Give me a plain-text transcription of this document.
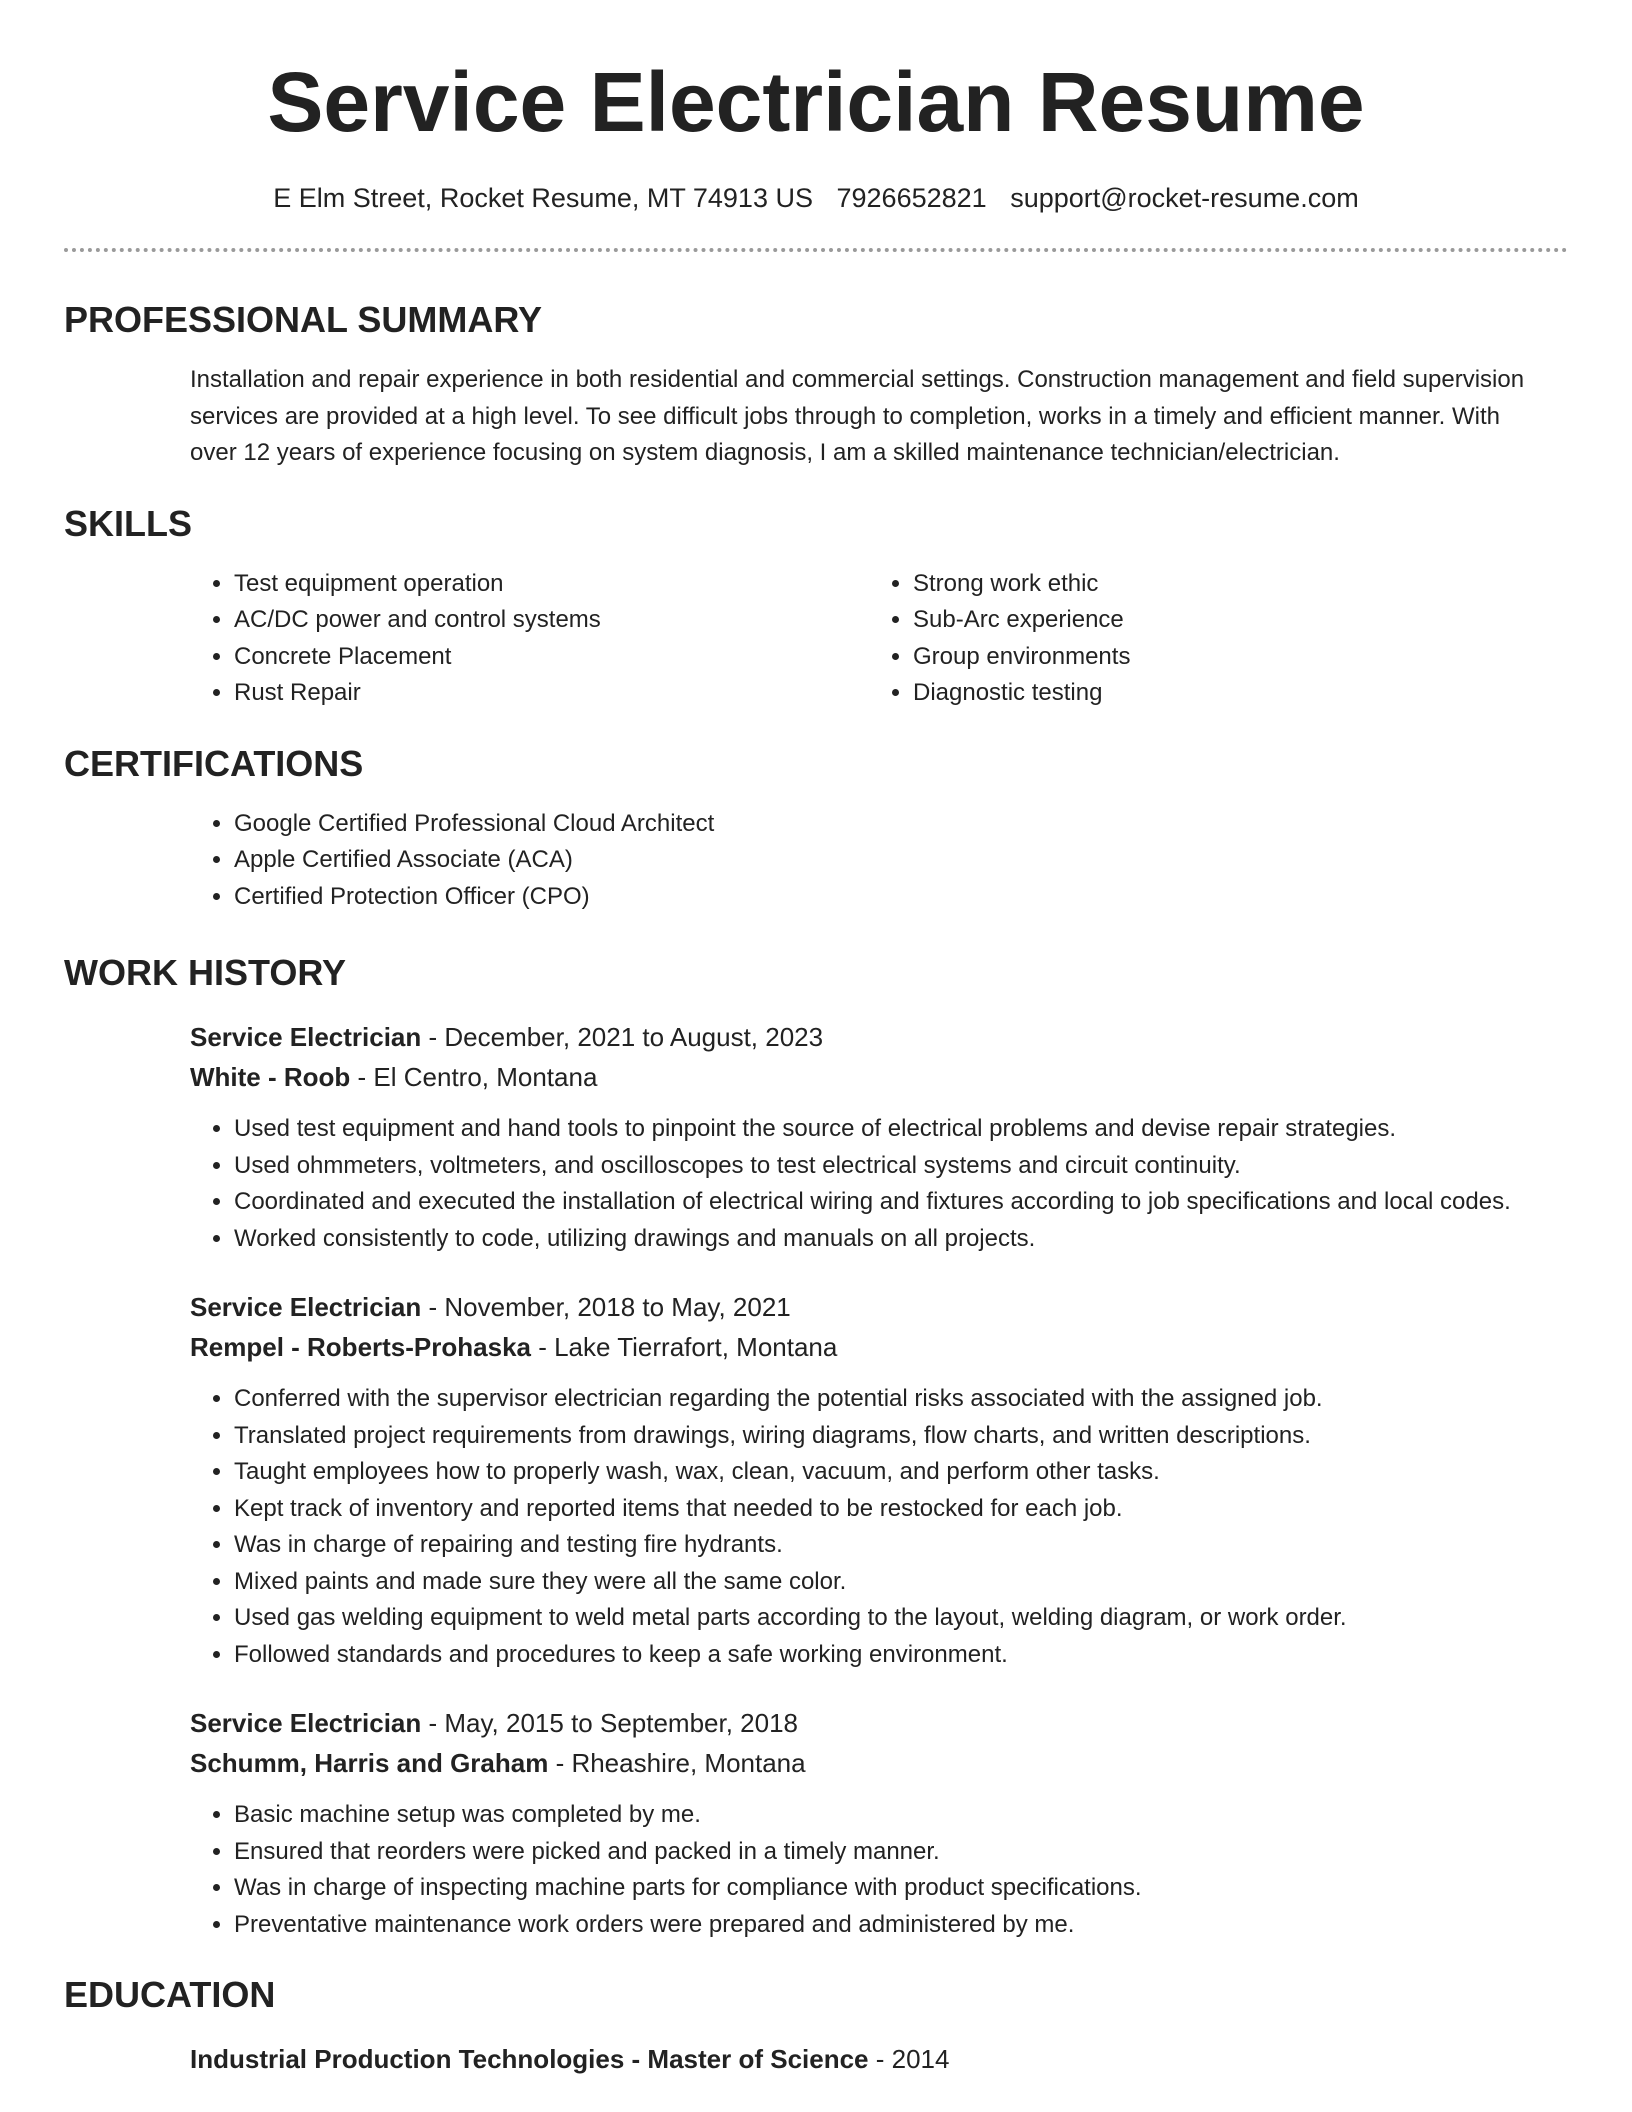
Service Electrician Resume
E Elm Street, Rocket Resume, MT 74913 US 7926652821 support@rocket-resume.com
PROFESSIONAL SUMMARY

Installation and repair experience in both residential and commercial settings. Construction management and field supervision services are provided at a high level. To see difficult jobs through to completion, works in a timely and efficient manner. With over 12 years of experience focusing on system diagnosis, I am a skilled maintenance technician/electrician.

SKILLS
• Test equipment operation
• AC/DC power and control systems
• Concrete Placement
• Rust Repair
• Strong work ethic
• Sub-Arc experience
• Group environments
• Diagnostic testing
CERTIFICATIONS
• Google Certified Professional Cloud Architect
• Apple Certified Associate (ACA)
• Certified Protection Officer (CPO)
WORK HISTORY
Service Electrician - December, 2021 to August, 2023
White - Roob - El Centro, Montana
• Used test equipment and hand tools to pinpoint the source of electrical problems and devise repair strategies.
• Used ohmmeters, voltmeters, and oscilloscopes to test electrical systems and circuit continuity.
• Coordinated and executed the installation of electrical wiring and fixtures according to job specifications and local codes.
• Worked consistently to code, utilizing drawings and manuals on all projects.
Service Electrician - November, 2018 to May, 2021
Rempel - Roberts-Prohaska - Lake Tierrafort, Montana
• Conferred with the supervisor electrician regarding the potential risks associated with the assigned job.
• Translated project requirements from drawings, wiring diagrams, flow charts, and written descriptions.
• Taught employees how to properly wash, wax, clean, vacuum, and perform other tasks.
• Kept track of inventory and reported items that needed to be restocked for each job.
• Was in charge of repairing and testing fire hydrants.
• Mixed paints and made sure they were all the same color.
• Used gas welding equipment to weld metal parts according to the layout, welding diagram, or work order.
• Followed standards and procedures to keep a safe working environment.
Service Electrician - May, 2015 to September, 2018
Schumm, Harris and Graham - Rheashire, Montana
• Basic machine setup was completed by me.
• Ensured that reorders were picked and packed in a timely manner.
• Was in charge of inspecting machine parts for compliance with product specifications.
• Preventative maintenance work orders were prepared and administered by me.
EDUCATION
Industrial Production Technologies - Master of Science - 2014
